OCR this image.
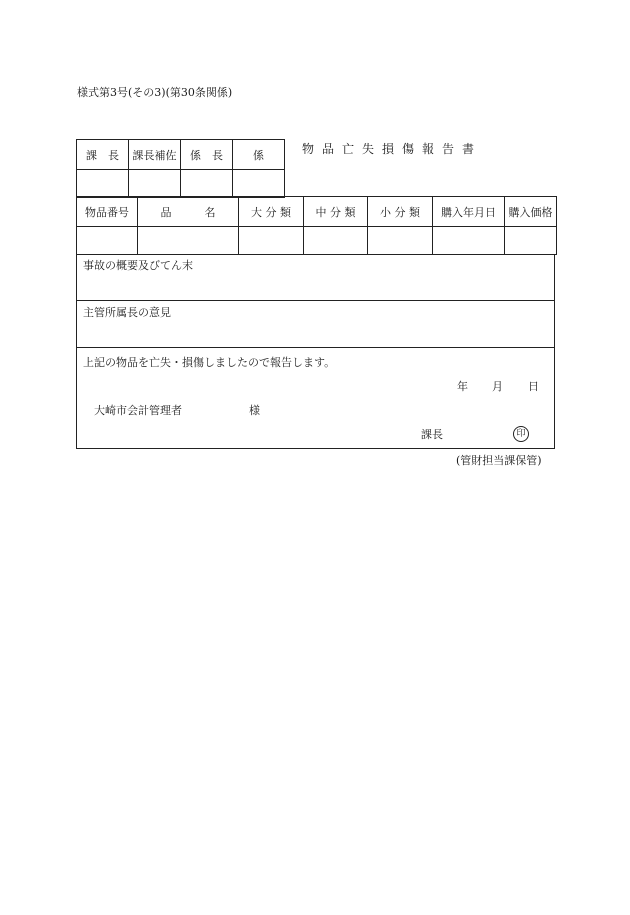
様式第3号(その3)(第30条関係)
課　長	課長補佐	係　長	係
				物品亡失損傷報告書
物品番号	品　　　名	大 分 類	中 分 類	小 分 類	購入年月日	購入価格

事故の概要及びてん末
主管所属長の意見
上記の物品を亡失・損傷しましたので報告します。
年 月 日
大崎市会計管理者	様
課長	印
(管財担当課保管)
